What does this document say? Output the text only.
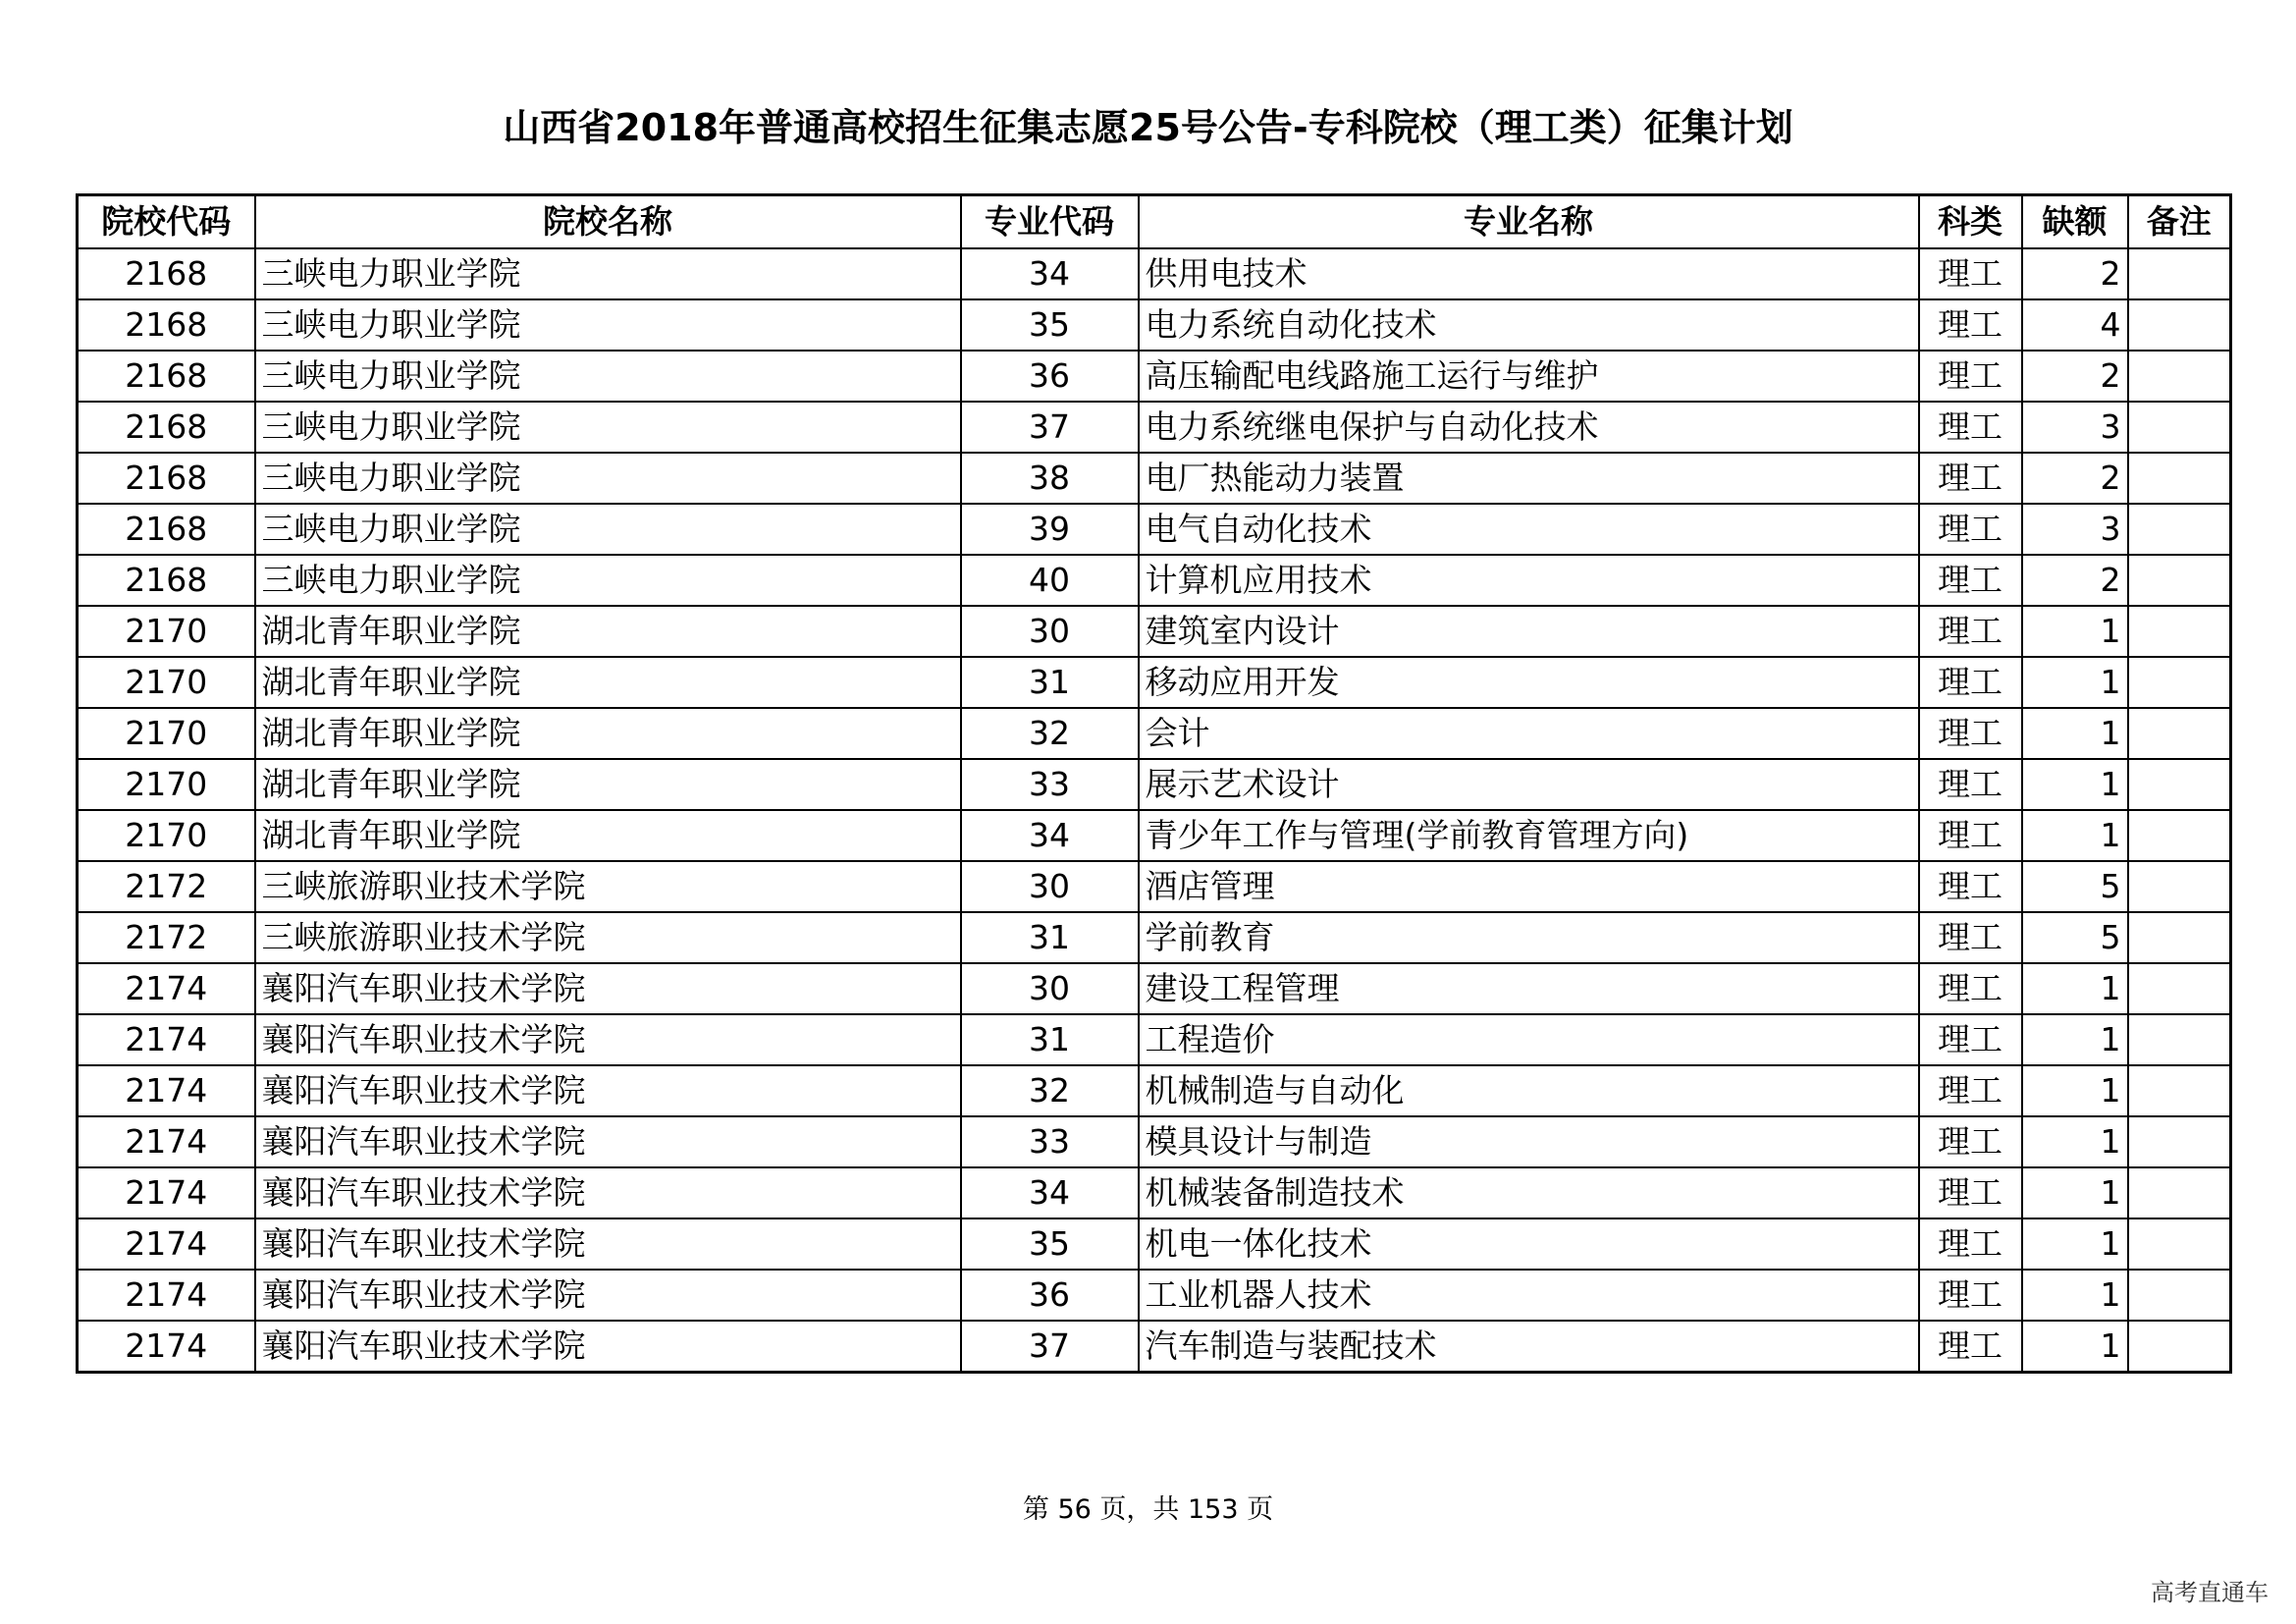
山西省2018年普通高校招生征集志愿25号公告-专科院校（理工类）征集计划
院校代码	院校名称	专业代码	专业名称	科类	缺额	备注
2168	三峡电力职业学院	34	供用电技术	理工	2	
2168	三峡电力职业学院	35	电力系统自动化技术	理工	4	
2168	三峡电力职业学院	36	高压输配电线路施工运行与维护	理工	2	
2168	三峡电力职业学院	37	电力系统继电保护与自动化技术	理工	3	
2168	三峡电力职业学院	38	电厂热能动力装置	理工	2	
2168	三峡电力职业学院	39	电气自动化技术	理工	3	
2168	三峡电力职业学院	40	计算机应用技术	理工	2	
2170	湖北青年职业学院	30	建筑室内设计	理工	1	
2170	湖北青年职业学院	31	移动应用开发	理工	1	
2170	湖北青年职业学院	32	会计	理工	1	
2170	湖北青年职业学院	33	展示艺术设计	理工	1	
2170	湖北青年职业学院	34	青少年工作与管理(学前教育管理方向)	理工	1	
2172	三峡旅游职业技术学院	30	酒店管理	理工	5	
2172	三峡旅游职业技术学院	31	学前教育	理工	5	
2174	襄阳汽车职业技术学院	30	建设工程管理	理工	1	
2174	襄阳汽车职业技术学院	31	工程造价	理工	1	
2174	襄阳汽车职业技术学院	32	机械制造与自动化	理工	1	
2174	襄阳汽车职业技术学院	33	模具设计与制造	理工	1	
2174	襄阳汽车职业技术学院	34	机械装备制造技术	理工	1	
2174	襄阳汽车职业技术学院	35	机电一体化技术	理工	1	
2174	襄阳汽车职业技术学院	36	工业机器人技术	理工	1	
2174	襄阳汽车职业技术学院	37	汽车制造与装配技术	理工	1	
第 56 页，共 153 页
高考直通车
